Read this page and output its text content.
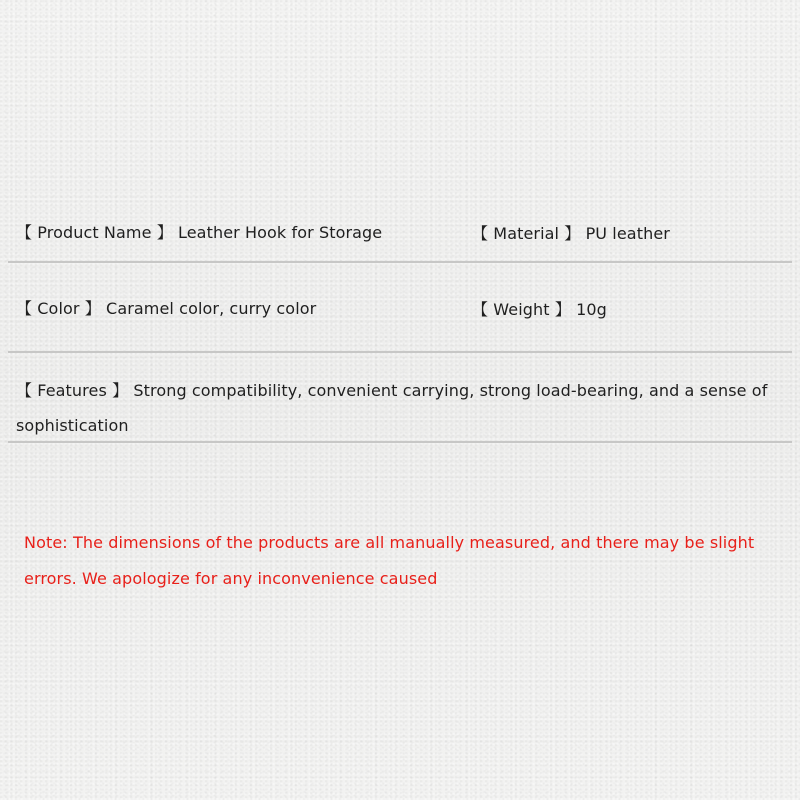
【 Product Name 】 Leather Hook for Storage	【 Material 】 PU leather
【 Color 】 Caramel color, curry color	【 Weight 】 10g
【 Features 】 Strong compatibility, convenient carrying, strong load-bearing, and a sense of sophistication
Note: The dimensions of the products are all manually measured, and there may be slight errors. We apologize for any inconvenience caused
